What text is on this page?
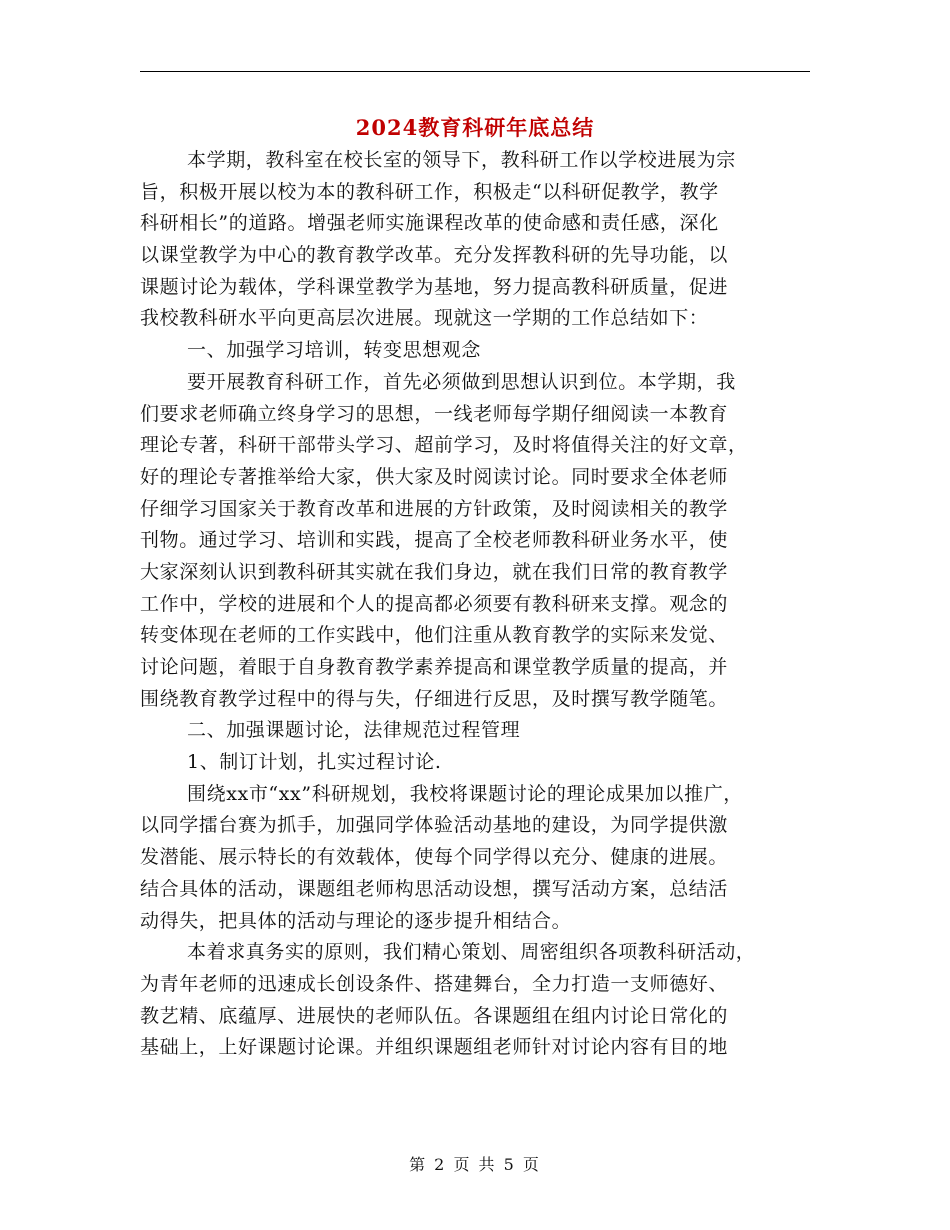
2024教育科研年底总结
本学期，教科室在校长室的领导下，教科研工作以学校进展为宗
旨，积极开展以校为本的教科研工作，积极走“以科研促教学，教学
科研相长”的道路。增强老师实施课程改革的使命感和责任感，深化
以课堂教学为中心的教育教学改革。充分发挥教科研的先导功能，以
课题讨论为载体，学科课堂教学为基地，努力提高教科研质量，促进
我校教科研水平向更高层次进展。现就这一学期的工作总结如下：
一、加强学习培训，转变思想观念
要开展教育科研工作，首先必须做到思想认识到位。本学期，我
们要求老师确立终身学习的思想，一线老师每学期仔细阅读一本教育
理论专著，科研干部带头学习、超前学习，及时将值得关注的好文章，
好的理论专著推举给大家，供大家及时阅读讨论。同时要求全体老师
仔细学习国家关于教育改革和进展的方针政策，及时阅读相关的教学
刊物。通过学习、培训和实践，提高了全校老师教科研业务水平，使
大家深刻认识到教科研其实就在我们身边，就在我们日常的教育教学
工作中，学校的进展和个人的提高都必须要有教科研来支撑。观念的
转变体现在老师的工作实践中，他们注重从教育教学的实际来发觉、
讨论问题，着眼于自身教育教学素养提高和课堂教学质量的提高，并
围绕教育教学过程中的得与失，仔细进行反思，及时撰写教学随笔。
二、加强课题讨论，法律规范过程管理
1、制订计划，扎实过程讨论.
围绕xx市“xx”科研规划，我校将课题讨论的理论成果加以推广，
以同学擂台赛为抓手，加强同学体验活动基地的建设，为同学提供激
发潜能、展示特长的有效载体，使每个同学得以充分、健康的进展。
结合具体的活动，课题组老师构思活动设想，撰写活动方案，总结活
动得失，把具体的活动与理论的逐步提升相结合。
本着求真务实的原则，我们精心策划、周密组织各项教科研活动，
为青年老师的迅速成长创设条件、搭建舞台，全力打造一支师德好、
教艺精、底蕴厚、进展快的老师队伍。各课题组在组内讨论日常化的
基础上，上好课题讨论课。并组织课题组老师针对讨论内容有目的地
第 2 页 共 5 页
